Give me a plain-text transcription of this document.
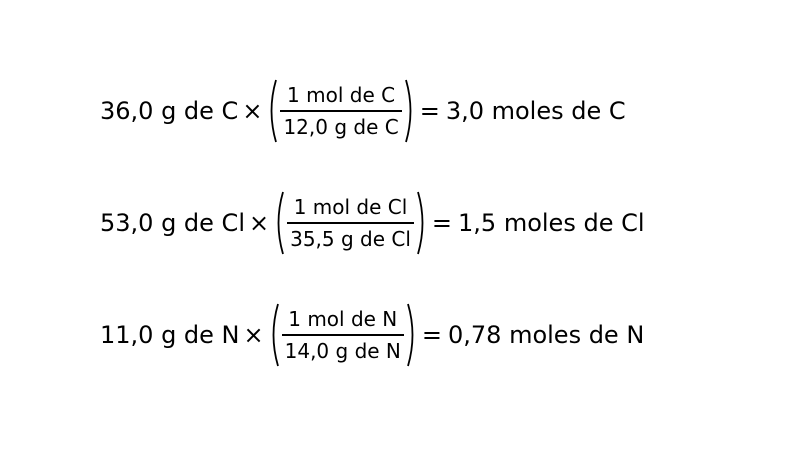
36,0 g de $C \times \frac{\text{1 mol de C}}{\text{12,0 g de C}} = 3,0$ moles de C
53,0 g de $Cl \times \frac{\text{1 mol de Cl}}{\text{35,5 g de Cl}} = 1,5$ moles de Cl
11,0 g de $N \times \frac{\text{1 mol de N}}{\text{14,0 g de N}} = 0,78$ moles de N
